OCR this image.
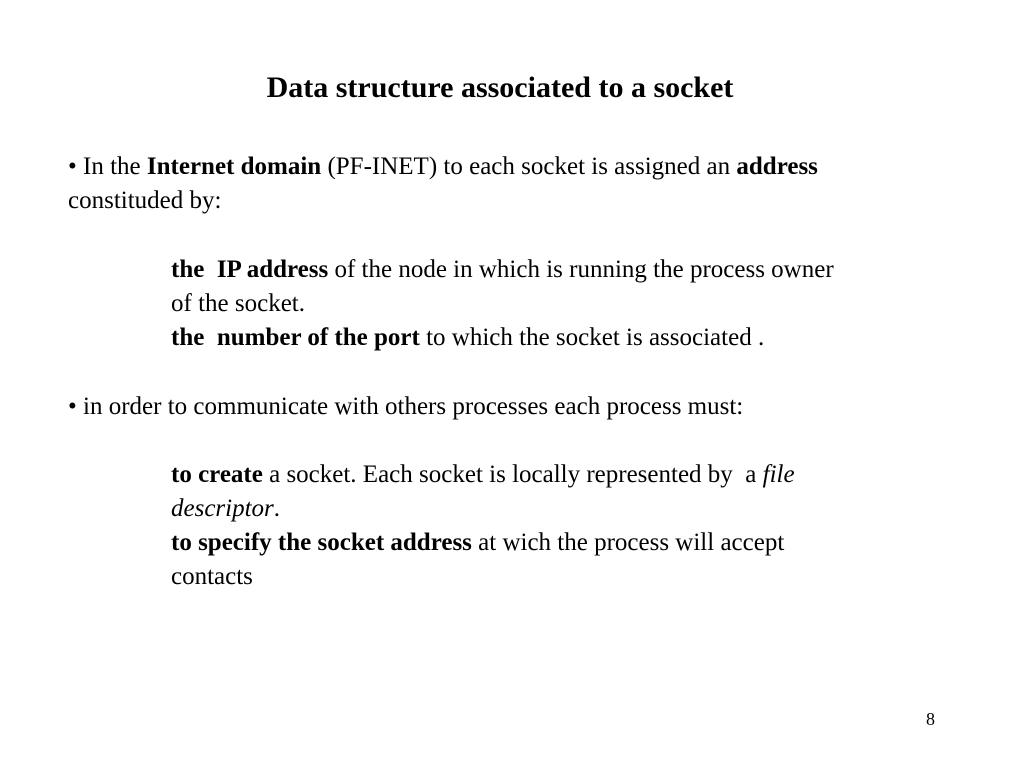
Data structure associated to a socket
• In the Internet domain (PF-INET) to each socket is assigned an address
constituded by:
the  IP address of the node in which is running the process owner
of the socket.
the  number of the port to which the socket is associated .
• in order to communicate with others processes each process must:
to create a socket. Each socket is locally represented by  a file
descriptor.
to specify the socket address at wich the process will accept
contacts
8
